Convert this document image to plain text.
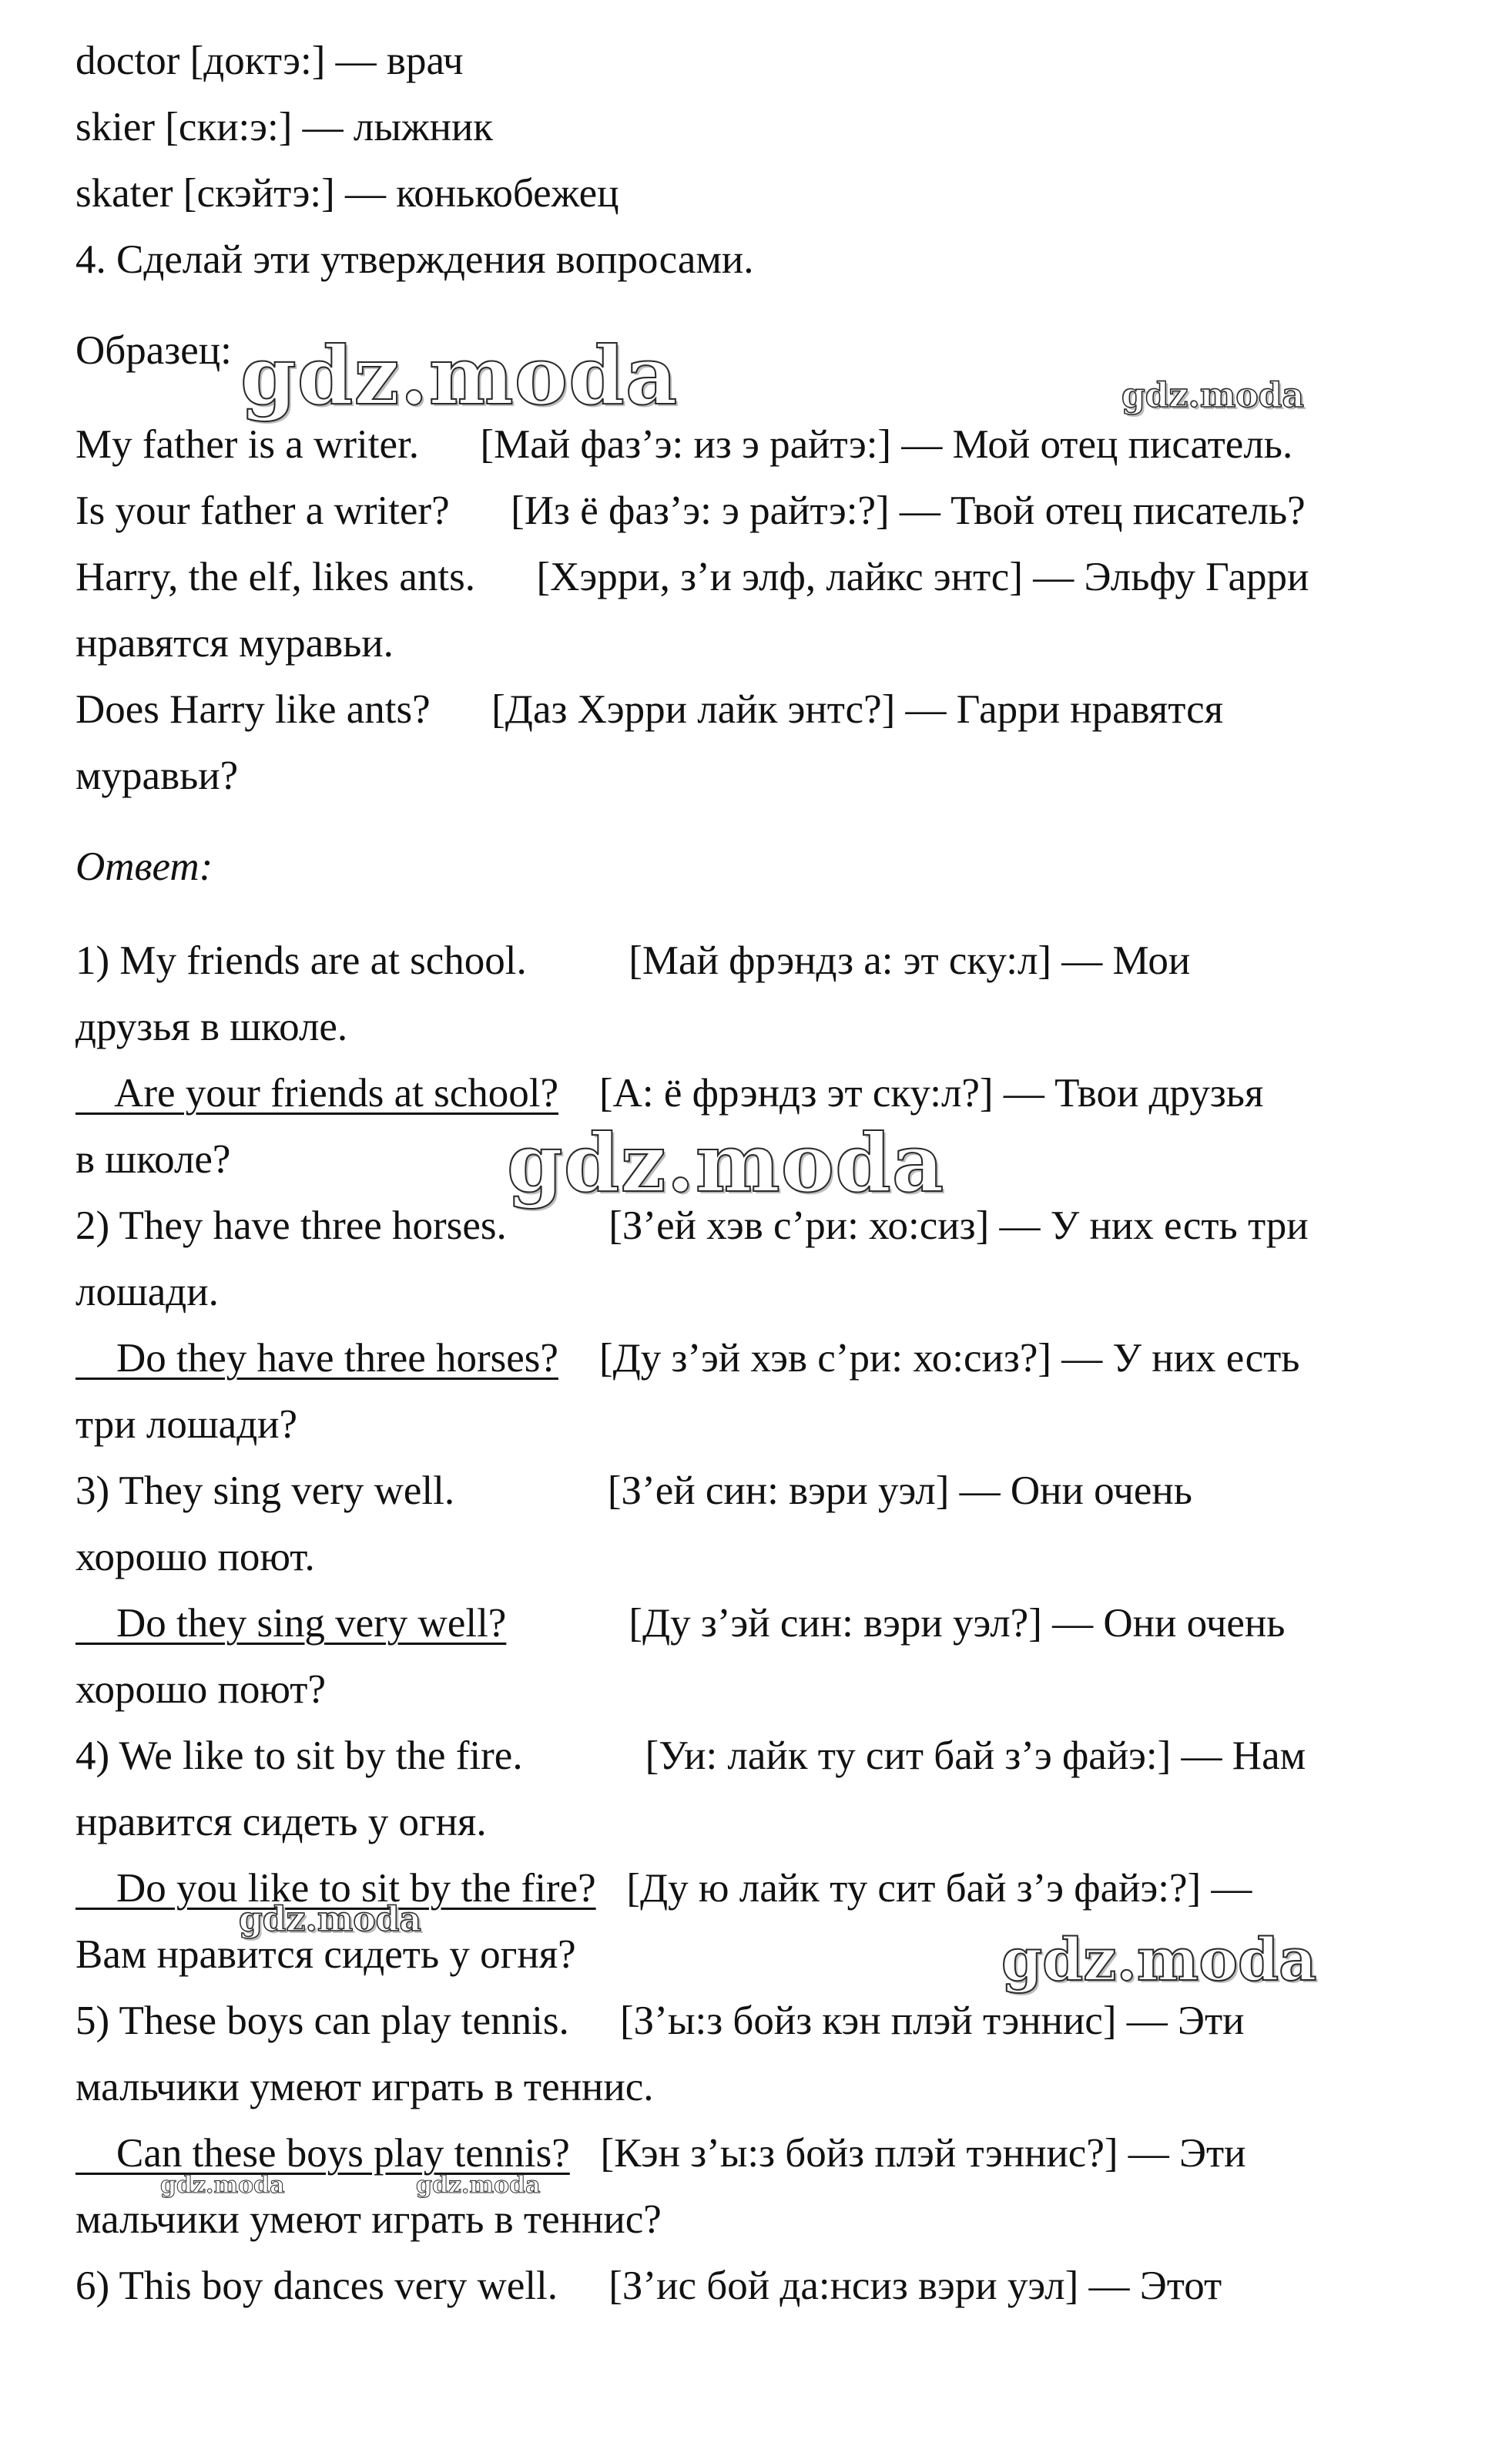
doctor [доктэ:] — врач

skier [ски:э:] — лыжник

skater [скэйтэ:] — конькобежец

4. Сделай эти утверждения вопросами.

Образец:

My father is a writer.      [Май фаз’э: из э райтэ:] — Мой отец писатель.

Is your father a writer?      [Из ё фаз’э: э райтэ:?] — Твой отец писатель?

Harry, the elf, likes ants.      [Хэрри, з’и элф, лайкс энтс] — Эльфу Гарри

нравятся муравьи.

Does Harry like ants?      [Даз Хэрри лайк энтс?] — Гарри нравятся

муравьи?

Ответ:

1) My friends are at school.          [Май фрэндз а: эт ску:л] — Мои

друзья в школе.

Are your friends at school?    [А: ё фрэндз эт ску:л?] — Твои друзья

в школе?

2) They have three horses.          [З’ей хэв с’ри: хо:сиз] — У них есть три

лошади.

Do they have three horses?    [Ду з’эй хэв с’ри: хо:сиз?] — У них есть

три лошади?

3) They sing very well.               [З’ей син: вэри уэл] — Они очень

хорошо поют.

Do they sing very well?            [Ду з’эй син: вэри уэл?] — Они очень

хорошо поют?

4) We like to sit by the fire.            [Уи: лайк ту сит бай з’э файэ:] — Нам

нравится сидеть у огня.

Do you like to sit by the fire?   [Ду ю лайк ту сит бай з’э файэ:?] —

Вам нравится сидеть у огня?

5) These boys can play tennis.     [З’ы:з бойз кэн плэй тэннис] — Эти

мальчики умеют играть в теннис.

Can these boys play tennis?   [Кэн з’ы:з бойз плэй тэннис?] — Эти

мальчики умеют играть в теннис?

6) This boy dances very well.     [З’ис бой да:нсиз вэри уэл] — Этот

gdz.moda	gdz.moda

gdz.moda

gdz.moda

gdz.moda

gdz.moda	gdz.moda
